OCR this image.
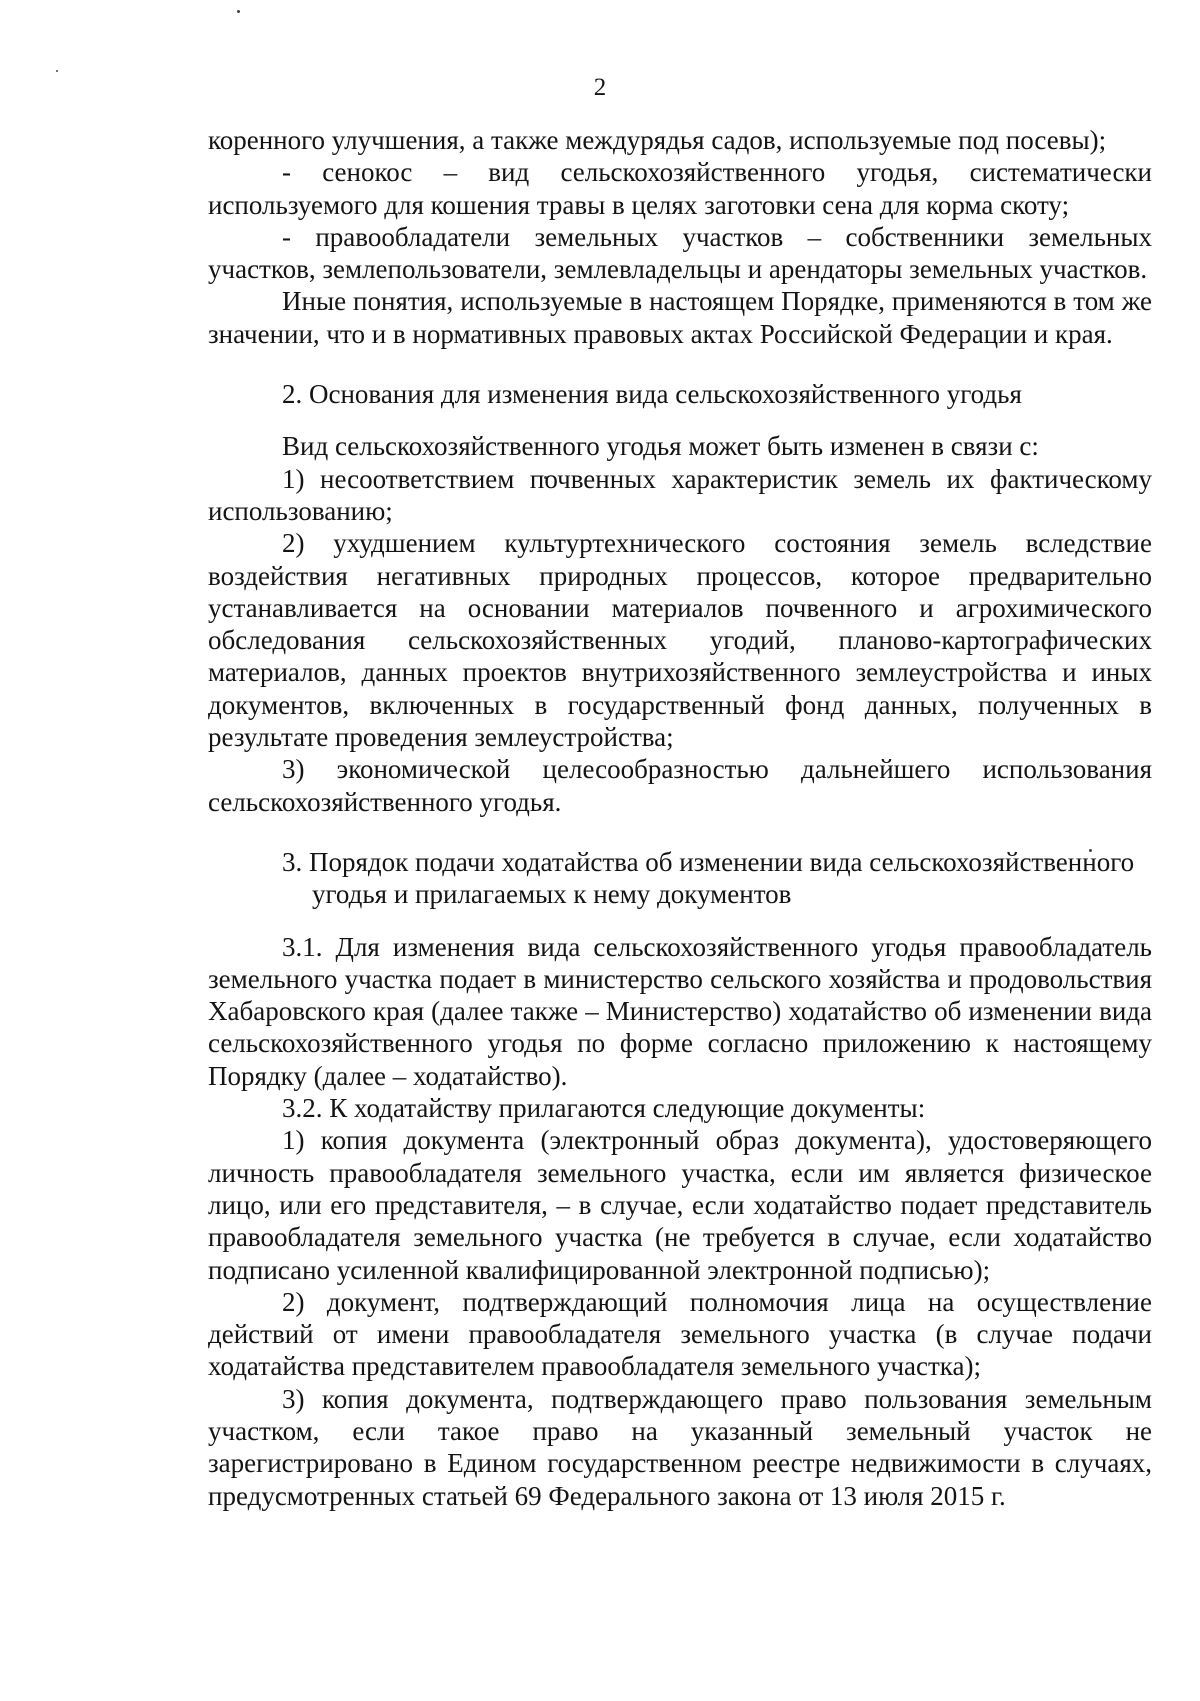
2

коренного улучшения, а также междурядья садов, используемые под посевы);

- сенокос – вид сельскохозяйственного угодья, систематически используемого для кошения травы в целях заготовки сена для корма скоту;

- правообладатели земельных участков – собственники земельных участков, землепользователи, землевладельцы и арендаторы земельных участков.

Иные понятия, используемые в настоящем Порядке, применяются в том же значении, что и в нормативных правовых актах Российской Федерации и края.

2. Основания для изменения вида сельскохозяйственного угодья

Вид сельскохозяйственного угодья может быть изменен в связи с:

1) несоответствием почвенных характеристик земель их фактическому использованию;

2) ухудшением культуртехнического состояния земель вследствие воздействия негативных природных процессов, которое предварительно устанавливается на основании материалов почвенного и агрохимического обследования сельскохозяйственных угодий, планово-картографических материалов, данных проектов внутрихозяйственного землеустройства и иных документов, включенных в государственный фонд данных, полученных в результате проведения землеустройства;

3) экономической целесообразностью дальнейшего использования сельскохозяйственного угодья.

3. Порядок подачи ходатайства об изменении вида сельскохозяйственного угодья и прилагаемых к нему документов

3.1. Для изменения вида сельскохозяйственного угодья правообладатель земельного участка подает в министерство сельского хозяйства и продовольствия Хабаровского края (далее также – Министерство) ходатайство об изменении вида сельскохозяйственного угодья по форме согласно приложению к настоящему Порядку (далее – ходатайство).

3.2. К ходатайству прилагаются следующие документы:

1) копия документа (электронный образ документа), удостоверяющего личность правообладателя земельного участка, если им является физическое лицо, или его представителя, – в случае, если ходатайство подает представитель правообладателя земельного участка (не требуется в случае, если ходатайство подписано усиленной квалифицированной электронной подписью);

2) документ, подтверждающий полномочия лица на осуществление действий от имени правообладателя земельного участка (в случае подачи ходатайства представителем правообладателя земельного участка);

3) копия документа, подтверждающего право пользования земельным участком, если такое право на указанный земельный участок не зарегистрировано в Едином государственном реестре недвижимости в случаях, предусмотренных статьей 69 Федерального закона от 13 июля 2015 г.
